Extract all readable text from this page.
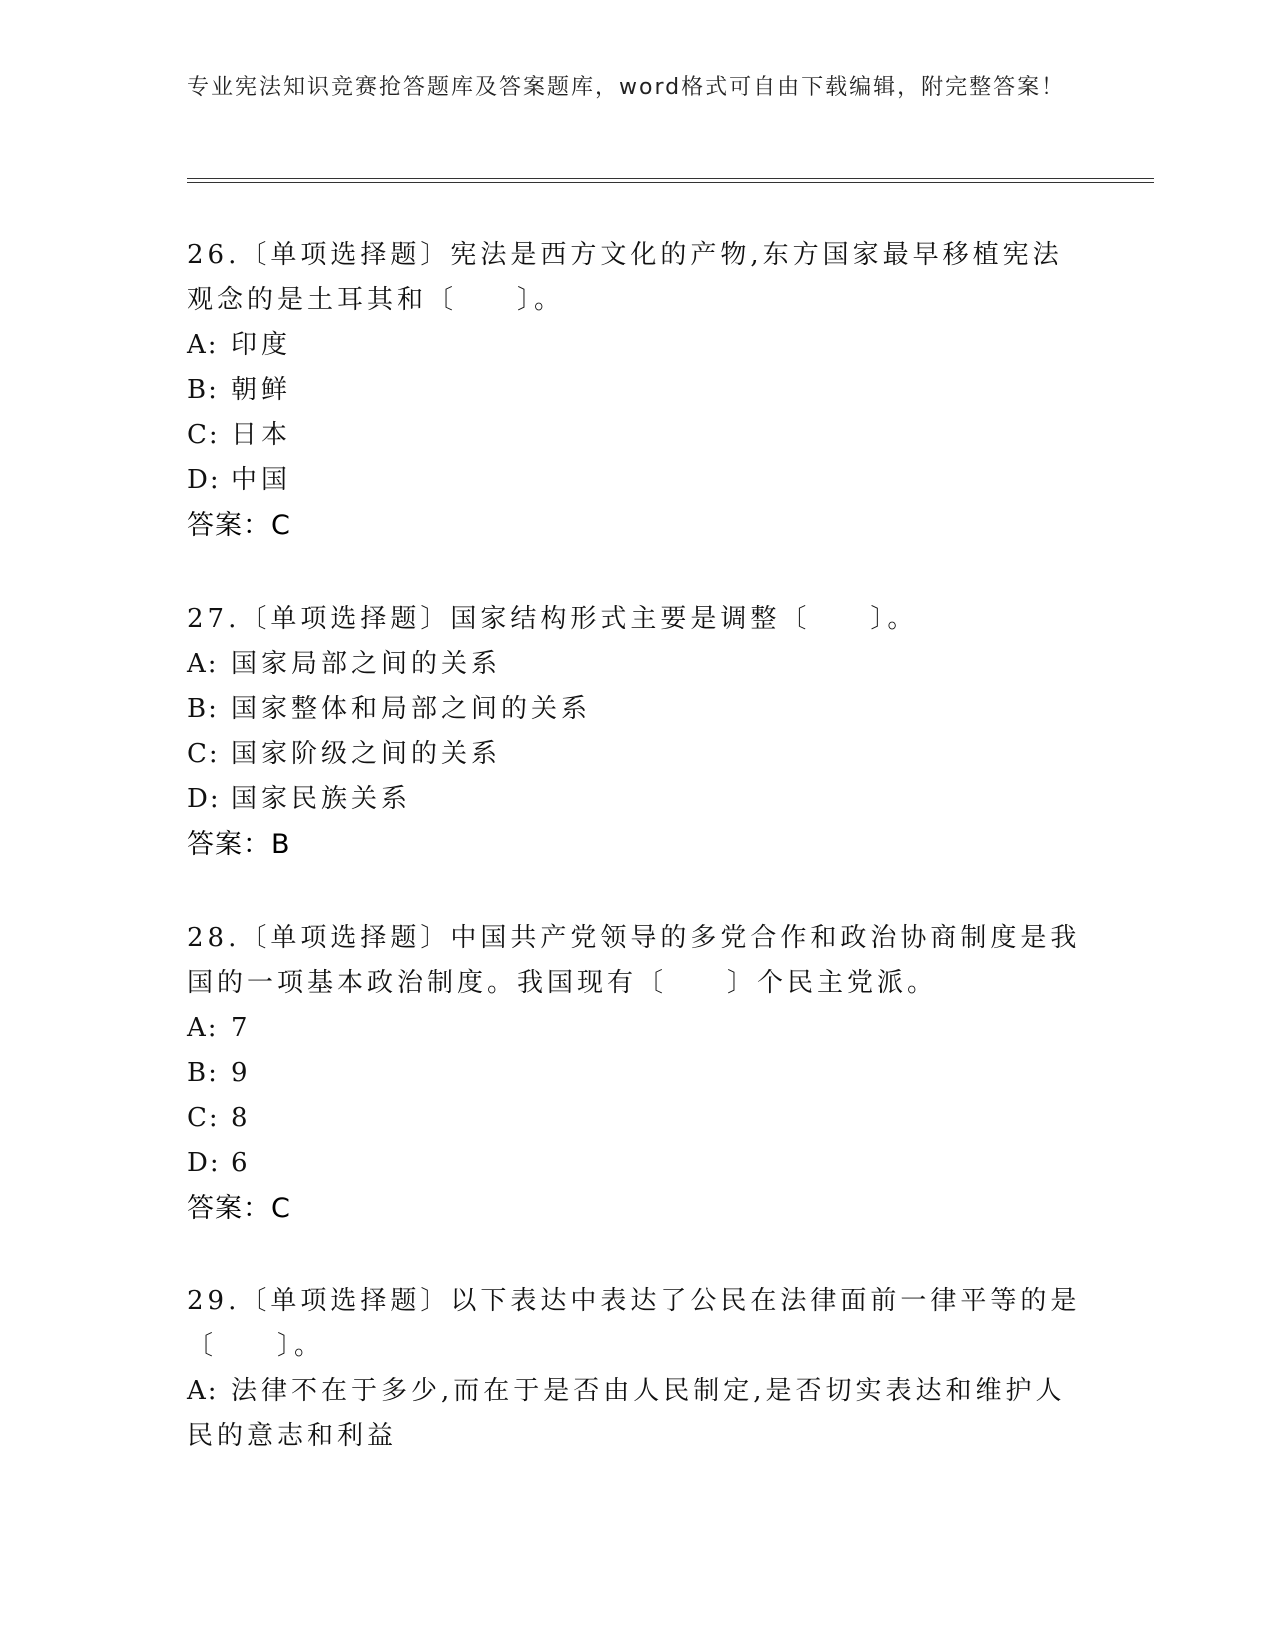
专业宪法知识竞赛抢答题库及答案题库，word格式可自由下载编辑，附完整答案！
26.〔单项选择题〕宪法是西方文化的产物,东方国家最早移植宪法观念的是土耳其和〔　　〕。
A: 印度
B: 朝鲜
C: 日本
D: 中国
答案：C
27.〔单项选择题〕国家结构形式主要是调整〔　　〕。
A: 国家局部之间的关系
B: 国家整体和局部之间的关系
C: 国家阶级之间的关系
D: 国家民族关系
答案：B
28.〔单项选择题〕中国共产党领导的多党合作和政治协商制度是我国的一项基本政治制度。我国现有〔　　〕个民主党派。
A: 7
B: 9
C: 8
D: 6
答案：C
29.〔单项选择题〕以下表达中表达了公民在法律面前一律平等的是〔　　〕。
A: 法律不在于多少,而在于是否由人民制定,是否切实表达和维护人民的意志和利益
